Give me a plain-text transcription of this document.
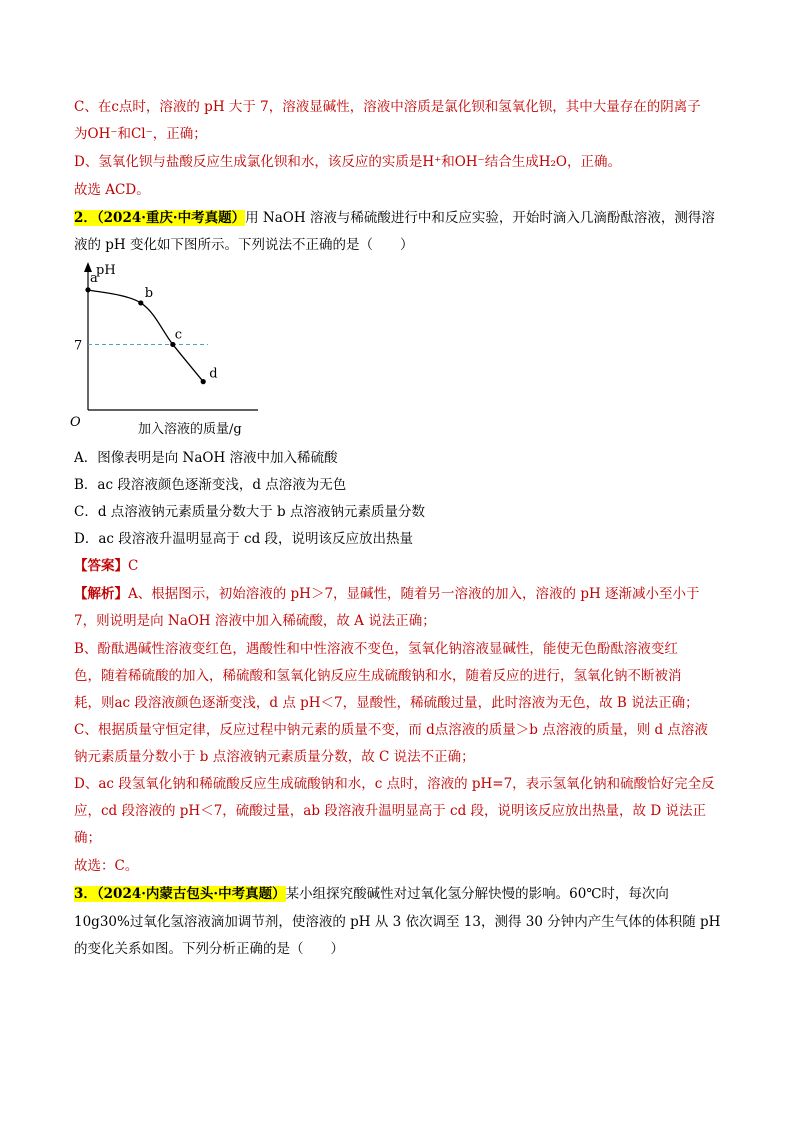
C、在c点时，溶液的 pH 大于 7，溶液显碱性，溶液中溶质是氯化钡和氢氧化钡，其中大量存在的阴离子
为OH⁻和Cl⁻，正确；
D、氢氧化钡与盐酸反应生成氯化钡和水，该反应的实质是H⁺和OH⁻结合生成H₂O，正确。
故选 ACD。
2．（2024·重庆·中考真题）用 NaOH 溶液与稀硫酸进行中和反应实验，开始时滴入几滴酚酞溶液，测得溶
液的 pH 变化如下图所示。下列说法不正确的是（　　）
pH
O	加入溶液的质量/g
7
a
b
c
d
A．图像表明是向 NaOH 溶液中加入稀硫酸
B．ac 段溶液颜色逐渐变浅，d 点溶液为无色
C．d 点溶液钠元素质量分数大于 b 点溶液钠元素质量分数
D．ac 段溶液升温明显高于 cd 段，说明该反应放出热量
【答案】C
【解析】A、根据图示，初始溶液的 pH＞7，显碱性，随着另一溶液的加入，溶液的 pH 逐渐减小至小于
7，则说明是向 NaOH 溶液中加入稀硫酸，故 A 说法正确；
B、酚酞遇碱性溶液变红色，遇酸性和中性溶液不变色，氢氧化钠溶液显碱性，能使无色酚酞溶液变红
色，随着稀硫酸的加入，稀硫酸和氢氧化钠反应生成硫酸钠和水，随着反应的进行，氢氧化钠不断被消
耗，则ac 段溶液颜色逐渐变浅，d 点 pH＜7，显酸性，稀硫酸过量，此时溶液为无色，故 B 说法正确；
C、根据质量守恒定律，反应过程中钠元素的质量不变，而 d点溶液的质量＞b 点溶液的质量，则 d 点溶液
钠元素质量分数小于 b 点溶液钠元素质量分数，故 C 说法不正确；
D、ac 段氢氧化钠和稀硫酸反应生成硫酸钠和水，c 点时，溶液的 pH=7，表示氢氧化钠和硫酸恰好完全反
应，cd 段溶液的 pH＜7，硫酸过量，ab 段溶液升温明显高于 cd 段，说明该反应放出热量，故 D 说法正
确；
故选：C。
3．（2024·内蒙古包头·中考真题）某小组探究酸碱性对过氧化氢分解快慢的影响。60℃时，每次向
10g30%过氧化氢溶液滴加调节剂，使溶液的 pH 从 3 依次调至 13，测得 30 分钟内产生气体的体积随 pH
的变化关系如图。下列分析正确的是（　　）
